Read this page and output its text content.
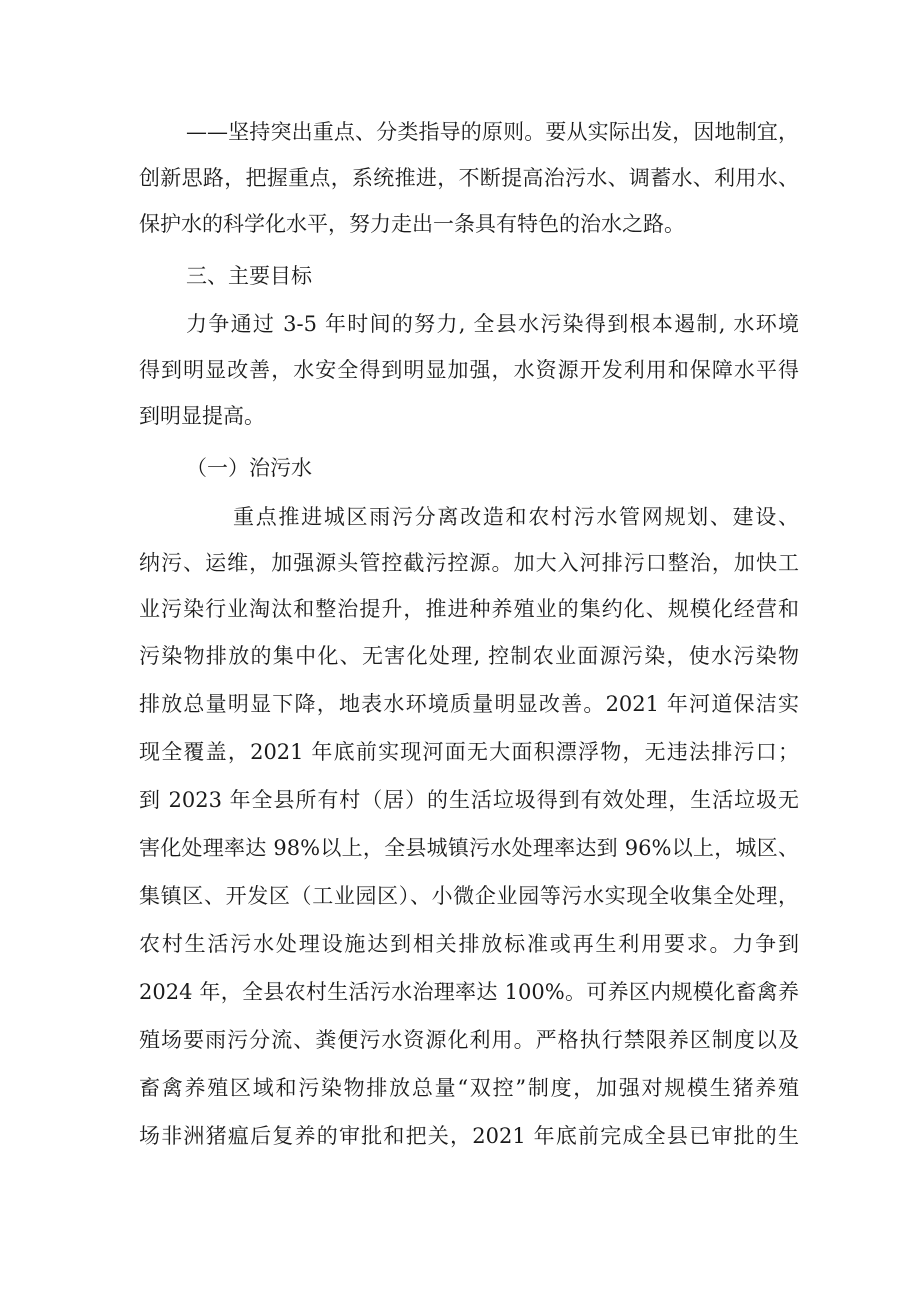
——坚持突出重点、分类指导的原则。要从实际出发，因地制宜，

创新思路，把握重点，系统推进，不断提高治污水、调蓄水、利用水、

保护水的科学化水平，努力走出一条具有特色的治水之路。

三、主要目标

力争通过 3-5 年时间的努力, 全县水污染得到根本遏制, 水环境

得到明显改善，水安全得到明显加强，水资源开发利用和保障水平得

到明显提高。

（一）治污水

重点推进城区雨污分离改造和农村污水管网规划、建设、

纳污、运维，加强源头管控截污控源。加大入河排污口整治，加快工

业污染行业淘汰和整治提升，推进种养殖业的集约化、规模化经营和

污染物排放的集中化、无害化处理, 控制农业面源污染，使水污染物

排放总量明显下降，地表水环境质量明显改善。2021 年河道保洁实

现全覆盖，2021 年底前实现河面无大面积漂浮物，无违法排污口；

到 2023 年全县所有村（居）的生活垃圾得到有效处理，生活垃圾无

害化处理率达 98%以上，全县城镇污水处理率达到 96%以上，城区、

集镇区、开发区（工业园区）、小微企业园等污水实现全收集全处理，

农村生活污水处理设施达到相关排放标准或再生利用要求。力争到

2024 年，全县农村生活污水治理率达 100%。可养区内规模化畜禽养

殖场要雨污分流、粪便污水资源化利用。严格执行禁限养区制度以及

畜禽养殖区域和污染物排放总量“双控”制度，加强对规模生猪养殖

场非洲猪瘟后复养的审批和把关，2021 年底前完成全县已审批的生
